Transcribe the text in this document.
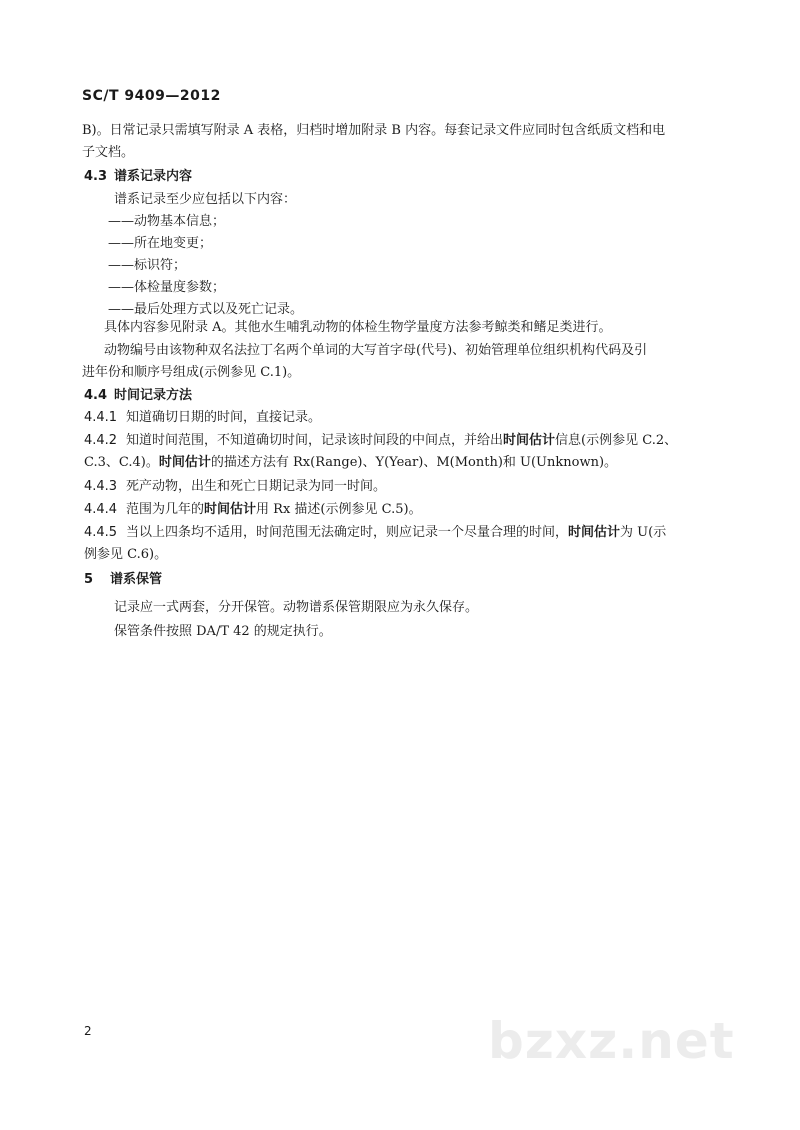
SC/T 9409—2012
B)。日常记录只需填写附录 A 表格，归档时增加附录 B 内容。每套记录文件应同时包含纸质文档和电
子文档。
4.3 谱系记录内容
谱系记录至少应包括以下内容：
——动物基本信息；
——所在地变更；
——标识符；
——体检量度参数；
——最后处理方式以及死亡记录。
具体内容参见附录 A。其他水生哺乳动物的体检生物学量度方法参考鲸类和鳍足类进行。
动物编号由该物种双名法拉丁名两个单词的大写首字母(代号)、初始管理单位组织机构代码及引
进年份和顺序号组成(示例参见 C.1)。
4.4 时间记录方法
4.4.1 知道确切日期的时间，直接记录。
4.4.2 知道时间范围，不知道确切时间，记录该时间段的中间点，并给出时间估计信息(示例参见 C.2、
C.3、C.4)。时间估计的描述方法有 Rx(Range)、Y(Year)、M(Month)和 U(Unknown)。
4.4.3 死产动物，出生和死亡日期记录为同一时间。
4.4.4 范围为几年的时间估计用 Rx 描述(示例参见 C.5)。
4.4.5 当以上四条均不适用，时间范围无法确定时，则应记录一个尽量合理的时间，时间估计为 U(示
例参见 C.6)。
5 谱系保管
记录应一式两套，分开保管。动物谱系保管期限应为永久保存。
保管条件按照 DA/T 42 的规定执行。
2	bzxz.net
